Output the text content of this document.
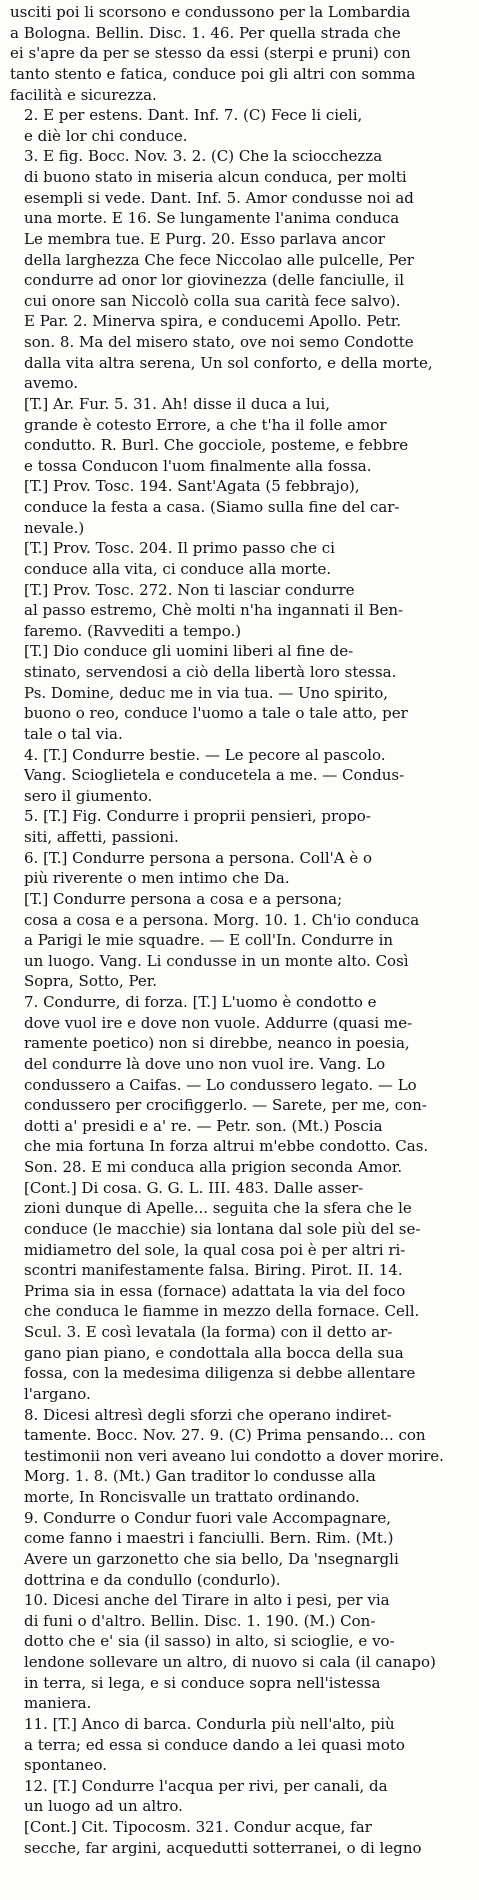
usciti poi li scorsono e condussono per la Lombardia
a Bologna. Bellin. Disc. 1. 46. Per quella strada che
ei s'apre da per se stesso da essi (sterpi e pruni) con
tanto stento e fatica, conduce poi gli altri con somma
facilità e sicurezza.

2. E per estens. Dant. Inf. 7. (C) Fece li cieli,
e diè lor chi conduce.

3. E fig. Bocc. Nov. 3. 2. (C) Che la sciocchezza
di buono stato in miseria alcun conduca, per molti
esempli si vede. Dant. Inf. 5. Amor condusse noi ad
una morte. E 16. Se lungamente l'anima conduca
Le membra tue. E Purg. 20. Esso parlava ancor
della larghezza Che fece Niccolao alle pulcelle, Per
condurre ad onor lor giovinezza (delle fanciulle, il
cui onore san Niccolò colla sua carità fece salvo).
E Par. 2. Minerva spira, e conducemi Apollo. Petr.
son. 8. Ma del misero stato, ove noi semo Condotte
dalla vita altra serena, Un sol conforto, e della morte,
avemo.

[T.] Ar. Fur. 5. 31. Ah! disse il duca a lui,
grande è cotesto Errore, a che t'ha il folle amor
condutto. R. Burl. Che gocciole, posteme, e febbre
e tossa Conducon l'uom finalmente alla fossa.

[T.] Prov. Tosc. 194. Sant'Agata (5 febbrajo),
conduce la festa a casa. (Siamo sulla fine del car-
nevale.)

[T.] Prov. Tosc. 204. Il primo passo che ci
conduce alla vita, ci conduce alla morte.

[T.] Prov. Tosc. 272. Non ti lasciar condurre
al passo estremo, Chè molti n'ha ingannati il Ben-
faremo. (Ravvediti a tempo.)

[T.] Dio conduce gli uomini liberi al fine de-
stinato, servendosi a ciò della libertà loro stessa.
Ps. Domine, deduc me in via tua. — Uno spirito,
buono o reo, conduce l'uomo a tale o tale atto, per
tale o tal via.

4. [T.] Condurre bestie. — Le pecore al pascolo.
Vang. Scioglietela e conducetela a me. — Condus-
sero il giumento.

5. [T.] Fig. Condurre i proprii pensieri, propo-
siti, affetti, passioni.

6. [T.] Condurre persona a persona. Coll'A è o
più riverente o men intimo che Da.

[T.] Condurre persona a cosa e a persona;
cosa a cosa e a persona. Morg. 10. 1. Ch'io conduca
a Parigi le mie squadre. — E coll'In. Condurre in
un luogo. Vang. Li condusse in un monte alto. Così
Sopra, Sotto, Per.

7. Condurre, di forza. [T.] L'uomo è condotto e
dove vuol ire e dove non vuole. Addurre (quasi me-
ramente poetico) non si direbbe, neanco in poesia,
del condurre là dove uno non vuol ire. Vang. Lo
condussero a Caifas. — Lo condussero legato. — Lo
condussero per crocifiggerlo. — Sarete, per me, con-
dotti a' presidi e a' re. — Petr. son. (Mt.) Poscia
che mia fortuna In forza altrui m'ebbe condotto. Cas.
Son. 28. E mi conduca alla prigion seconda Amor.

[Cont.] Di cosa. G. G. L. III. 483. Dalle asser-
zioni dunque di Apelle... seguita che la sfera che le
conduce (le macchie) sia lontana dal sole più del se-
midiametro del sole, la qual cosa poi è per altri ri-
scontri manifestamente falsa. Biring. Pirot. II. 14.
Prima sia in essa (fornace) adattata la via del foco
che conduca le fiamme in mezzo della fornace. Cell.
Scul. 3. E così levatala (la forma) con il detto ar-
gano pian piano, e condottala alla bocca della sua
fossa, con la medesima diligenza si debbe allentare
l'argano.

8. Dicesi altresì degli sforzi che operano indiret-
tamente. Bocc. Nov. 27. 9. (C) Prima pensando... con
testimonii non veri aveano lui condotto a dover morire.
Morg. 1. 8. (Mt.) Gan traditor lo condusse alla
morte, In Roncisvalle un trattato ordinando.

9. Condurre o Condur fuori vale Accompagnare,
come fanno i maestri i fanciulli. Bern. Rim. (Mt.)
Avere un garzonetto che sia bello, Da 'nsegnargli
dottrina e da condullo (condurlo).

10. Dicesi anche del Tirare in alto i pesi, per via
di funi o d'altro. Bellin. Disc. 1. 190. (M.) Con-
dotto che e' sia (il sasso) in alto, si scioglie, e vo-
lendone sollevare un altro, di nuovo si cala (il canapo)
in terra, si lega, e si conduce sopra nell'istessa
maniera.

11. [T.] Anco di barca. Condurla più nell'alto, più
a terra; ed essa si conduce dando a lei quasi moto
spontaneo.

12. [T.] Condurre l'acqua per rivi, per canali, da
un luogo ad un altro.

[Cont.] Cit. Tipocosm. 321. Condur acque, far
secche, far argini, acquedutti sotterranei, o di legno
